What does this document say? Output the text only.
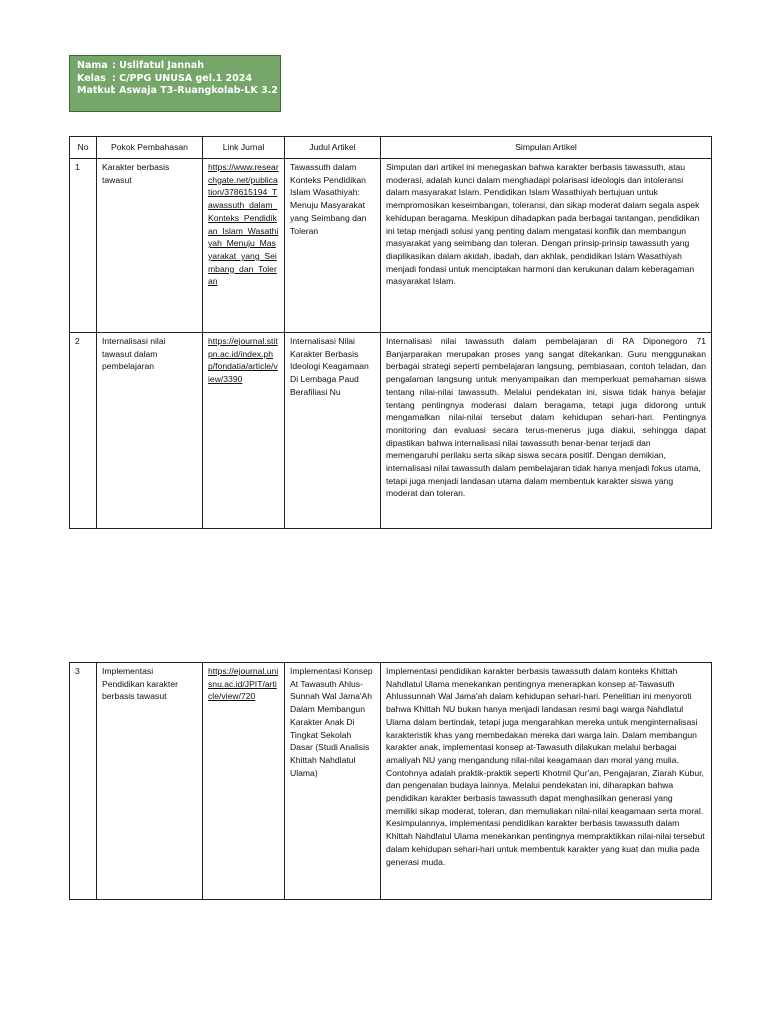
Nama : Uslifatul Jannah
Kelas : C/PPG UNUSA gel.1 2024
Matkul: Aswaja T3-Ruangkolab-LK 3.2
No	Pokok Pembahasan	Link Jurnal	Judul Artikel	Simpulan Artikel
1	Karakter berbasis tawasut	https://www.researchgate.net/publication/378615194_Tawassuth_dalam_Konteks_Pendidikan_Islam_Wasathiyah_Menuju_Masyarakat_yang_Seimbang_dan_Toleran	Tawassuth dalam Konteks Pendidikan Islam Wasathiyah: Menuju Masyarakat yang Seimbang dan Toleran	Simpulan dari artikel ini menegaskan bahwa karakter berbasis tawassuth, atau moderasi, adalah kunci dalam menghadapi polarisasi ideologis dan intoleransi dalam masyarakat Islam. Pendidikan Islam Wasathiyah bertujuan untuk mempromosikan keseimbangan, toleransi, dan sikap moderat dalam segala aspek kehidupan beragama. Meskipun dihadapkan pada berbagai tantangan, pendidikan ini tetap menjadi solusi yang penting dalam mengatasi konflik dan membangun masyarakat yang seimbang dan toleran. Dengan prinsip-prinsip tawassuth yang diaplikasikan dalam akidah, ibadah, dan akhlak, pendidikan Islam Wasathiyah menjadi fondasi untuk menciptakan harmoni dan kerukunan dalam keberagaman masyarakat Islam.
2	Internalisasi nilai tawasut dalam pembelajaran	https://ejournal.stitpn.ac.id/index.php/fondatia/article/view/3390	Internalisasi Nilai Karakter Berbasis Ideologi Keagamaan Di Lembaga Paud Berafiliasi Nu	Internalisasi nilai tawassuth dalam pembelajaran di RA Diponegoro 71 Banjarparakan merupakan proses yang sangat ditekankan. Guru menggunakan berbagai strategi seperti pembelajaran langsung, pembiasaan, contoh teladan, dan pengalaman langsung untuk menyampaikan dan memperkuat pemahaman siswa tentang nilai-nilai tawassuth. Melalui pendekatan ini, siswa tidak hanya belajar tentang pentingnya moderasi dalam beragama, tetapi juga didorong untuk mengamalkan nilai-nilai tersebut dalam kehidupan sehari-hari. Pentingnya monitoring dan evaluasi secara terus-menerus juga diakui, sehingga dapat dipastikan bahwa internalisasi nilai tawassuth benar-benar terjadi dan
memengaruhi perilaku serta sikap siswa secara positif. Dengan demikian, internalisasi nilai tawassuth dalam pembelajaran tidak hanya menjadi fokus utama, tetapi juga menjadi landasan utama dalam membentuk karakter siswa yang moderat dan toleran.
3	Implementasi Pendidikan karakter berbasis tawasut	https://ejournal.unisnu.ac.id/JPIT/article/view/720	Implementasi Konsep At Tawasuth Ahlus-Sunnah Wal Jama'Ah Dalam Membangun Karakter Anak Di Tingkat Sekolah Dasar (Studi Analisis Khittah Nahdlatul Ulama)	Implementasi pendidikan karakter berbasis tawassuth dalam konteks Khittah Nahdlatul Ulama menekankan pentingnya menerapkan konsep at-Tawasuth Ahlussunnah Wal Jama'ah dalam kehidupan sehari-hari. Penelitian ini menyoroti bahwa Khittah NU bukan hanya menjadi landasan resmi bagi warga Nahdlatul Ulama dalam bertindak, tetapi juga mengarahkan mereka untuk menginternalisasi karakteristik khas yang membedakan mereka dari warga lain. Dalam membangun karakter anak, implementasi konsep at-Tawasuth dilakukan melalui berbagai amaliyah NU yang mengandung nilai-nilai keagamaan dan moral yang mulia. Contohnya adalah praktik-praktik seperti Khotmil Qur'an, Pengajaran, Ziarah Kubur, dan pengenalan budaya lainnya. Melalui pendekatan ini, diharapkan bahwa pendidikan karakter berbasis tawassuth dapat menghasilkan generasi yang memiliki sikap moderat, toleran, dan memuliakan nilai-nilai keagamaan serta moral. Kesimpulannya, implementasi pendidikan karakter berbasis tawassuth dalam Khittah Nahdlatul Ulama menekankan pentingnya mempraktikkan nilai-nilai tersebut dalam kehidupan sehari-hari untuk membentuk karakter yang kuat dan mulia pada generasi muda.
